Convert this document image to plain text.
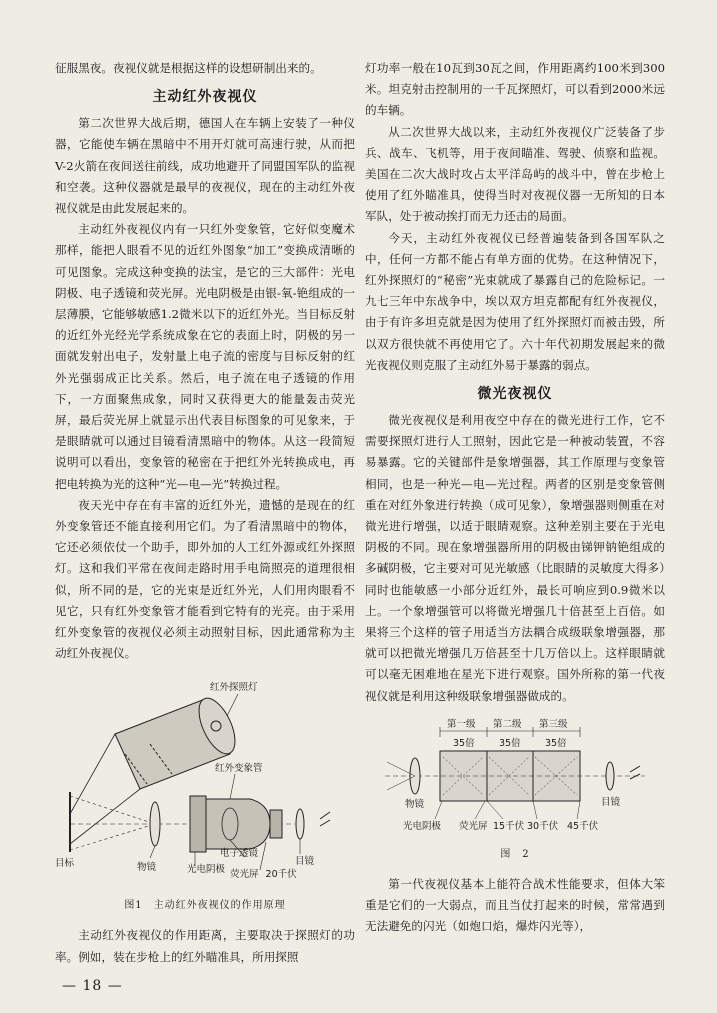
征服黑夜。夜视仪就是根据这样的设想研制出来的。

主动红外夜视仪

第二次世界大战后期，德国人在车辆上安装了一种仪器，它能使车辆在黑暗中不用开灯就可高速行驶，从而把V-2火箭在夜间送往前线，成功地避开了同盟国军队的监视和空袭。这种仪器就是最早的夜视仪，现在的主动红外夜视仪就是由此发展起来的。

主动红外夜视仪内有一只红外变象管，它好似变魔术那样，能把人眼看不见的近红外图象“加工”变换成清晰的可见图象。完成这种变换的法宝，是它的三大部件：光电阴极、电子透镜和荧光屏。光电阴极是由银-氧-铯组成的一层薄膜，它能够敏感1.2微米以下的近红外光。当目标反射的近红外光经光学系统成象在它的表面上时，阴极的另一面就发射出电子，发射量上电子流的密度与目标反射的红外光强弱成正比关系。然后，电子流在电子透镜的作用下，一方面聚焦成象，同时又获得更大的能量轰击荧光屏，最后荧光屏上就显示出代表目标图象的可见象来，于是眼睛就可以通过目镜看清黑暗中的物体。从这一段简短说明可以看出，变象管的秘密在于把红外光转换成电，再把电转换为光的这种“光—电—光”转换过程。

夜天光中存在有丰富的近红外光，遗憾的是现在的红外变象管还不能直接利用它们。为了看清黑暗中的物体，它还必须依仗一个助手，即外加的人工红外源或红外探照灯。这和我们平常在夜间走路时用手电筒照亮的道理很相似，所不同的是，它的光束是近红外光，人们用肉眼看不见它，只有红外变象管才能看到它特有的光亮。由于采用红外变象管的夜视仪必须主动照射目标，因此通常称为主动红外夜视仪。

红外探照灯
红外变象管
目标	物镜
电子透镜
光电阴极
目镜
荧光屏 20千伏
图1　主动红外夜视仪的作用原理

主动红外夜视仪的作用距离，主要取决于探照灯的功率。例如，装在步枪上的红外瞄准具，所用探照

灯功率一般在10瓦到30瓦之间，作用距离约100米到300米。坦克射击控制用的一千瓦探照灯，可以看到2000米远的车辆。

从二次世界大战以来，主动红外夜视仪广泛装备了步兵、战车、飞机等，用于夜间瞄准、驾驶、侦察和监视。美国在二次大战时攻占太平洋岛屿的战斗中，曾在步枪上使用了红外瞄准具，使得当时对夜视仪器一无所知的日本军队，处于被动挨打而无力还击的局面。

今天，主动红外夜视仪已经普遍装备到各国军队之中，任何一方都不能占有单方面的优势。在这种情况下，红外探照灯的“秘密”光束就成了暴露自己的危险标记。一九七三年中东战争中，埃以双方坦克都配有红外夜视仪，由于有许多坦克就是因为使用了红外探照灯而被击毁，所以双方很快就不再使用它了。六十年代初期发展起来的微光夜视仪则克服了主动红外易于暴露的弱点。

微光夜视仪

微光夜视仪是利用夜空中存在的微光进行工作，它不需要探照灯进行人工照射，因此它是一种被动装置，不容易暴露。它的关键部件是象增强器，其工作原理与变象管相同，也是一种光—电—光过程。两者的区别是变象管侧重在对红外象进行转换（成可见象），象增强器则侧重在对微光进行增强，以适于眼睛观察。这种差别主要在于光电阴极的不同。现在象增强器所用的阴极由锑钾钠铯组成的多碱阴极，它主要对可见光敏感（比眼睛的灵敏度大得多）同时也能敏感一小部分近红外，最长可响应到0.9微米以上。一个象增强管可以将微光增强几十倍甚至上百倍。如果将三个这样的管子用适当方法耦合成级联象增强器，那就可以把微光增强几万倍甚至十几万倍以上。这样眼睛就可以毫无困难地在星光下进行观察。国外所称的第一代夜视仪就是利用这种级联象增强器做成的。

第一级 第二级 第三级
35倍	35倍	35倍
物镜	目镜
光电阴极 荧光屏 15千伏 30千伏 45千伏
图　2

第一代夜视仪基本上能符合战术性能要求，但体大笨重是它们的一大弱点，而且当仗打起来的时候，常常遇到无法避免的闪光（如炮口焰，爆炸闪光等），

— 18 —
